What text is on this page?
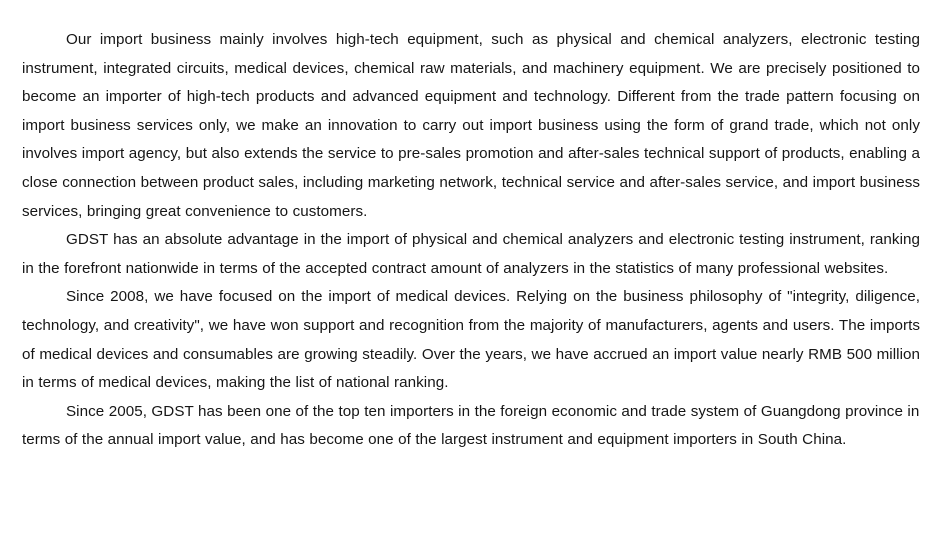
Our import business mainly involves high-tech equipment, such as physical and chemical analyzers, electronic testing instrument, integrated circuits, medical devices, chemical raw materials, and machinery equipment. We are precisely positioned to become an importer of high-tech products and advanced equipment and technology. Different from the trade pattern focusing on import business services only, we make an innovation to carry out import business using the form of grand trade, which not only involves import agency, but also extends the service to pre-sales promotion and after-sales technical support of products, enabling a close connection between product sales, including marketing network, technical service and after-sales service, and import business services, bringing great convenience to customers.

GDST has an absolute advantage in the import of physical and chemical analyzers and electronic testing instrument, ranking in the forefront nationwide in terms of the accepted contract amount of analyzers in the statistics of many professional websites.

Since 2008, we have focused on the import of medical devices. Relying on the business philosophy of "integrity, diligence, technology, and creativity", we have won support and recognition from the majority of manufacturers, agents and users. The imports of medical devices and consumables are growing steadily. Over the years, we have accrued an import value nearly RMB 500 million in terms of medical devices, making the list of national ranking.

Since 2005, GDST has been one of the top ten importers in the foreign economic and trade system of Guangdong province in terms of the annual import value, and has become one of the largest instrument and equipment importers in South China.
